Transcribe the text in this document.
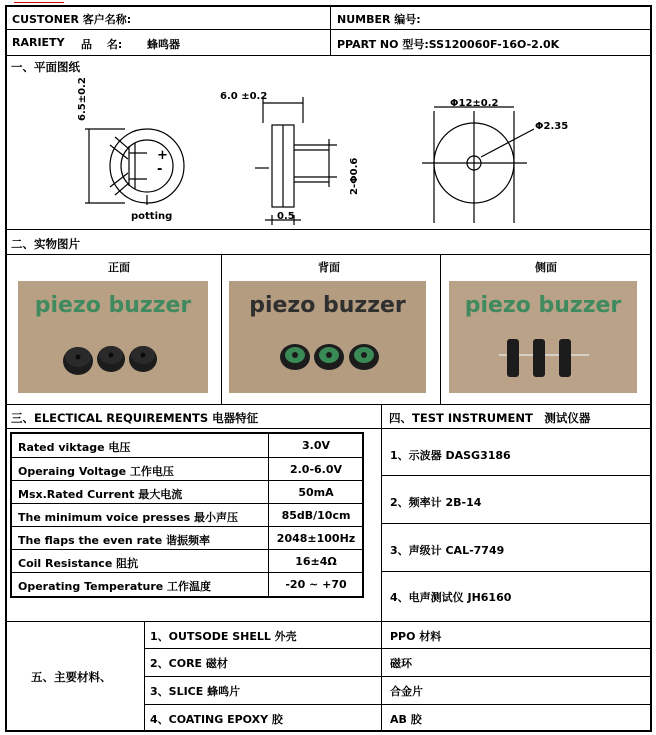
CUSTONER 客户名称:	NUMBER 编号:
RARIETY 品　 名: 蜂鸣器	PPART NO 型号:SS120060F-16O-2.0K
一、平面图纸
6.5±0.2
potting
+
-
6.0 ±0.2
2-Φ0.6
0.5
Φ12±0.2
Φ2.35
二、实物图片
正面	背面	侧面
piezo buzzer	piezo buzzer	piezo buzzer
三、ELECTICAL REQUIREMENTS 电器特征	四、TEST INSTRUMENT　测试仪器
1、示波器 DASG3186
2、频率计 2B-14
3、声级计 CAL-7749
4、电声测试仪 JH6160
五、主要材料、
1、OUTSODE SHELL 外壳	PPO 材料
2、CORE 磁材	磁环
3、SLICE 蜂鸣片	合金片
4、COATING EPOXY 胶	AB 胶
Rated viktage 电压	3.0V
Operaing Voltage 工作电压	2.0-6.0V
Msx.Rated Current 最大电流	50mA
The minimum voice presses 最小声压	85dB/10cm
The flaps the even rate 谐振频率	2048±100Hz
Coil Resistance 阻抗	16±4Ω
Operating Temperature 工作温度	-20 ~ +70
